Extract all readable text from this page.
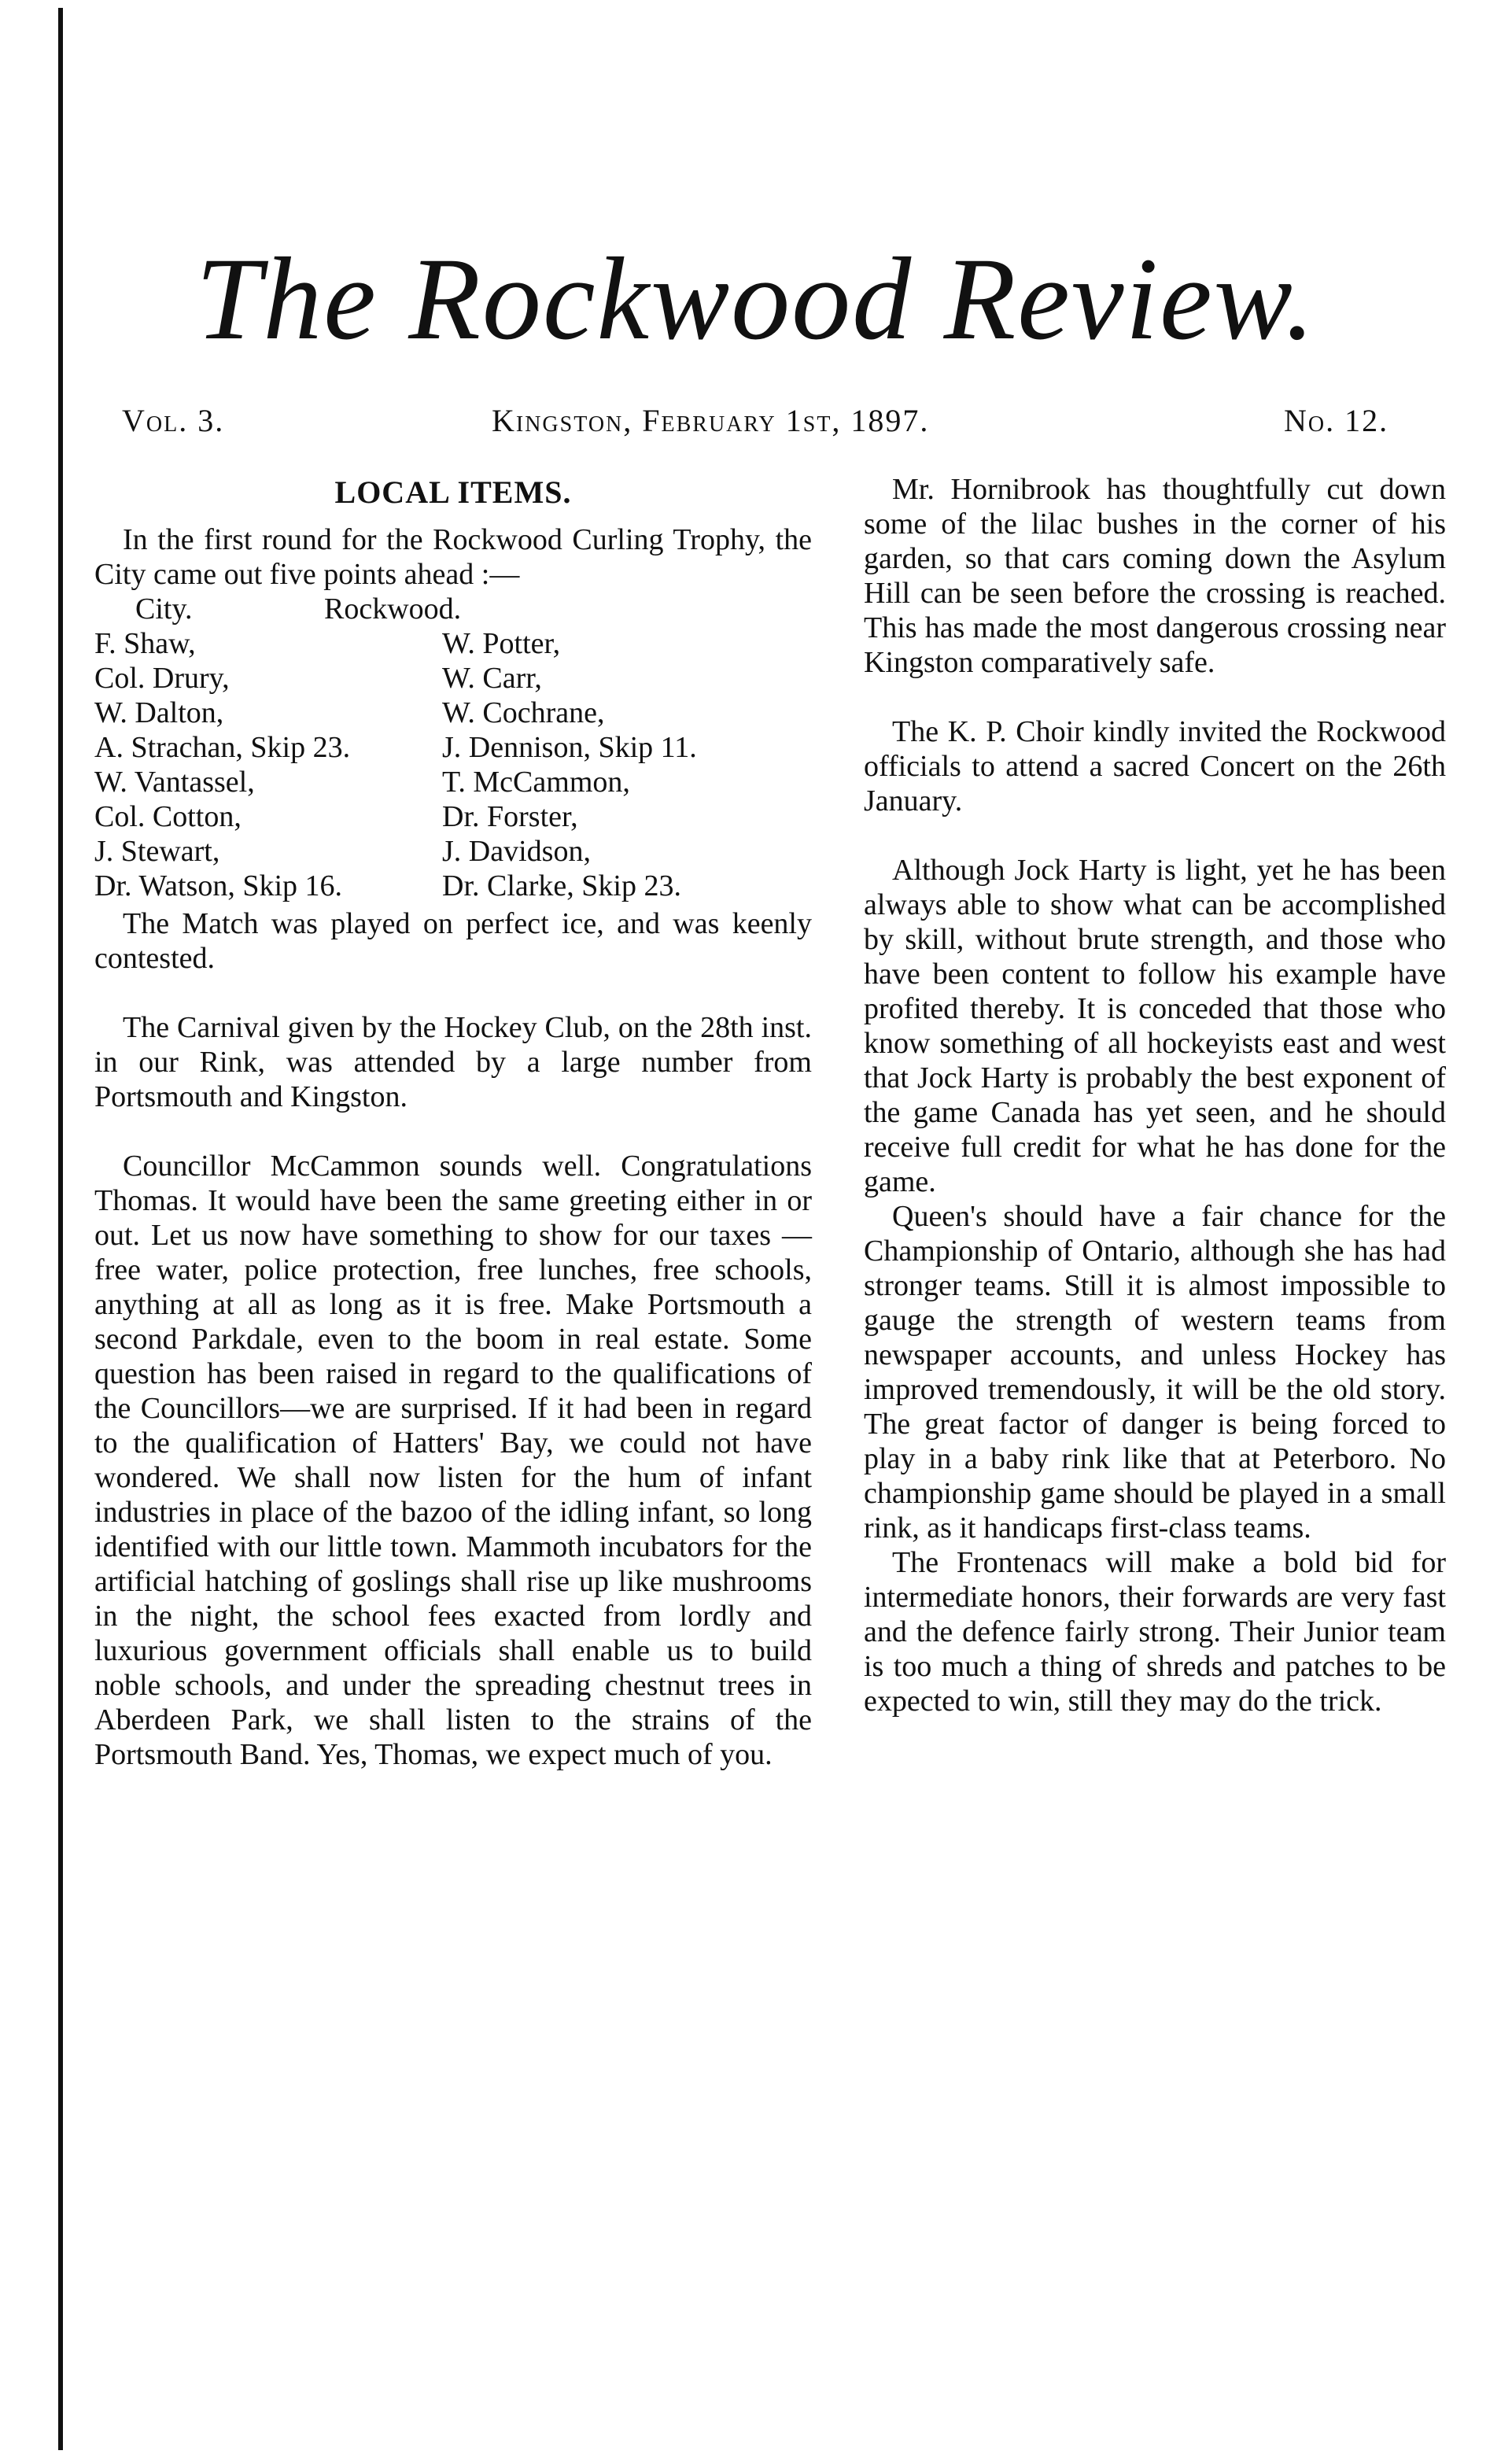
The Rockwood Review.
Vol. 3.	Kingston, February 1st, 1897.	No. 12.
LOCAL ITEMS.
In the first round for the Rockwood Curling Trophy, the City came out five points ahead :—
City.	Rockwood.
F. Shaw,	W. Potter,
Col. Drury,	W. Carr,
W. Dalton,	W. Cochrane,
A. Strachan, Skip 23.	J. Dennison, Skip 11.
W. Vantassel,	T. McCammon,
Col. Cotton,	Dr. Forster,
J. Stewart,	J. Davidson,
Dr. Watson, Skip 16.	Dr. Clarke, Skip 23.
The Match was played on perfect ice, and was keenly contested.
The Carnival given by the Hockey Club, on the 28th inst. in our Rink, was attended by a large number from Portsmouth and Kingston.
Councillor McCammon sounds well. Congratulations Thomas. It would have been the same greeting either in or out. Let us now have something to show for our taxes —free water, police protection, free lunches, free schools, anything at all as long as it is free. Make Portsmouth a second Parkdale, even to the boom in real estate. Some question has been raised in regard to the qualifications of the Councillors—we are surprised. If it had been in regard to the qualification of Hatters' Bay, we could not have wondered. We shall now listen for the hum of infant industries in place of the bazoo of the idling infant, so long identified with our little town. Mammoth incubators for the artificial hatching of goslings shall rise up like mushrooms in the night, the school fees exacted from lordly and luxurious government officials shall enable us to build noble schools, and under the spreading chestnut trees in Aberdeen Park, we shall listen to the strains of the Portsmouth Band. Yes, Thomas, we expect much of you.
Mr. Hornibrook has thoughtfully cut down some of the lilac bushes in the corner of his garden, so that cars coming down the Asylum Hill can be seen before the crossing is reached. This has made the most dangerous crossing near Kingston comparatively safe.
The K. P. Choir kindly invited the Rockwood officials to attend a sacred Concert on the 26th January.
Although Jock Harty is light, yet he has been always able to show what can be accomplished by skill, without brute strength, and those who have been content to follow his example have profited thereby. It is conceded that those who know something of all hockeyists east and west that Jock Harty is probably the best exponent of the game Canada has yet seen, and he should receive full credit for what he has done for the game.
Queen's should have a fair chance for the Championship of Ontario, although she has had stronger teams. Still it is almost impossible to gauge the strength of western teams from newspaper accounts, and unless Hockey has improved tremendously, it will be the old story. The great factor of danger is being forced to play in a baby rink like that at Peterboro. No championship game should be played in a small rink, as it handicaps first-class teams.
The Frontenacs will make a bold bid for intermediate honors, their forwards are very fast and the defence fairly strong. Their Junior team is too much a thing of shreds and patches to be expected to win, still they may do the trick.
